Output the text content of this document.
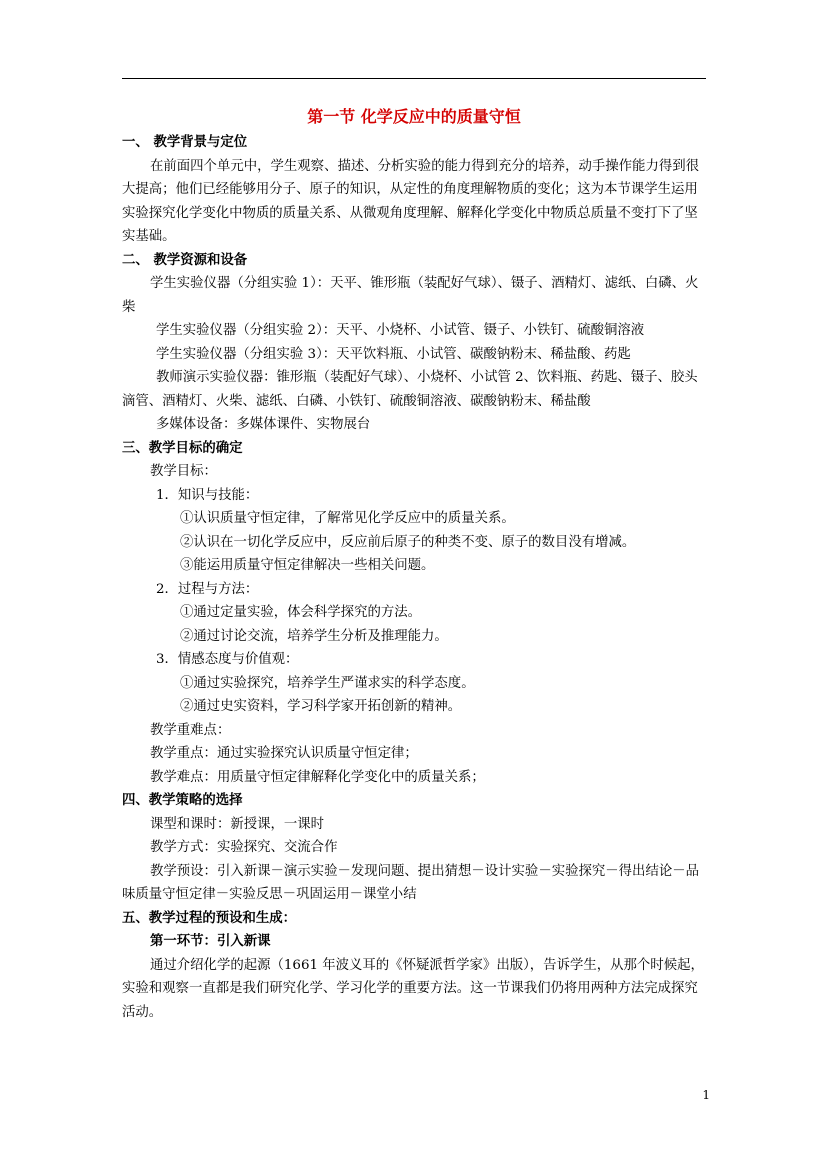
第一节 化学反应中的质量守恒

一、 教学背景与定位

在前面四个单元中，学生观察、描述、分析实验的能力得到充分的培养，动手操作能力得到很大提高；他们已经能够用分子、原子的知识，从定性的角度理解物质的变化；这为本节课学生运用实验探究化学变化中物质的质量关系、从微观角度理解、解释化学变化中物质总质量不变打下了坚实基础。

二、 教学资源和设备

学生实验仪器（分组实验 1）：天平、锥形瓶（装配好气球）、镊子、酒精灯、滤纸、白磷、火柴

学生实验仪器（分组实验 2）：天平、小烧杯、小试管、镊子、小铁钉、硫酸铜溶液

学生实验仪器（分组实验 3）：天平饮料瓶、小试管、碳酸钠粉末、稀盐酸、药匙

教师演示实验仪器：锥形瓶（装配好气球）、小烧杯、小试管 2、饮料瓶、药匙、镊子、胶头滴管、酒精灯、火柴、滤纸、白磷、小铁钉、硫酸铜溶液、碳酸钠粉末、稀盐酸

多媒体设备：多媒体课件、实物展台

三、教学目标的确定

教学目标：

1．知识与技能：

①认识质量守恒定律，了解常见化学反应中的质量关系。

②认识在一切化学反应中，反应前后原子的种类不变、原子的数目没有增减。

③能运用质量守恒定律解决一些相关问题。

2．过程与方法：

①通过定量实验，体会科学探究的方法。

②通过讨论交流，培养学生分析及推理能力。

3．情感态度与价值观：

①通过实验探究，培养学生严谨求实的科学态度。

②通过史实资料，学习科学家开拓创新的精神。

教学重难点：

教学重点：通过实验探究认识质量守恒定律；

教学难点：用质量守恒定律解释化学变化中的质量关系；

四、教学策略的选择

课型和课时：新授课，一课时

教学方式：实验探究、交流合作

教学预设：引入新课－演示实验－发现问题、提出猜想－设计实验－实验探究－得出结论－品味质量守恒定律－实验反思－巩固运用－课堂小结

五、教学过程的预设和生成：

第一环节：引入新课

通过介绍化学的起源（1661 年波义耳的《怀疑派哲学家》出版），告诉学生，从那个时候起，实验和观察一直都是我们研究化学、学习化学的重要方法。这一节课我们仍将用两种方法完成探究活动。

1
